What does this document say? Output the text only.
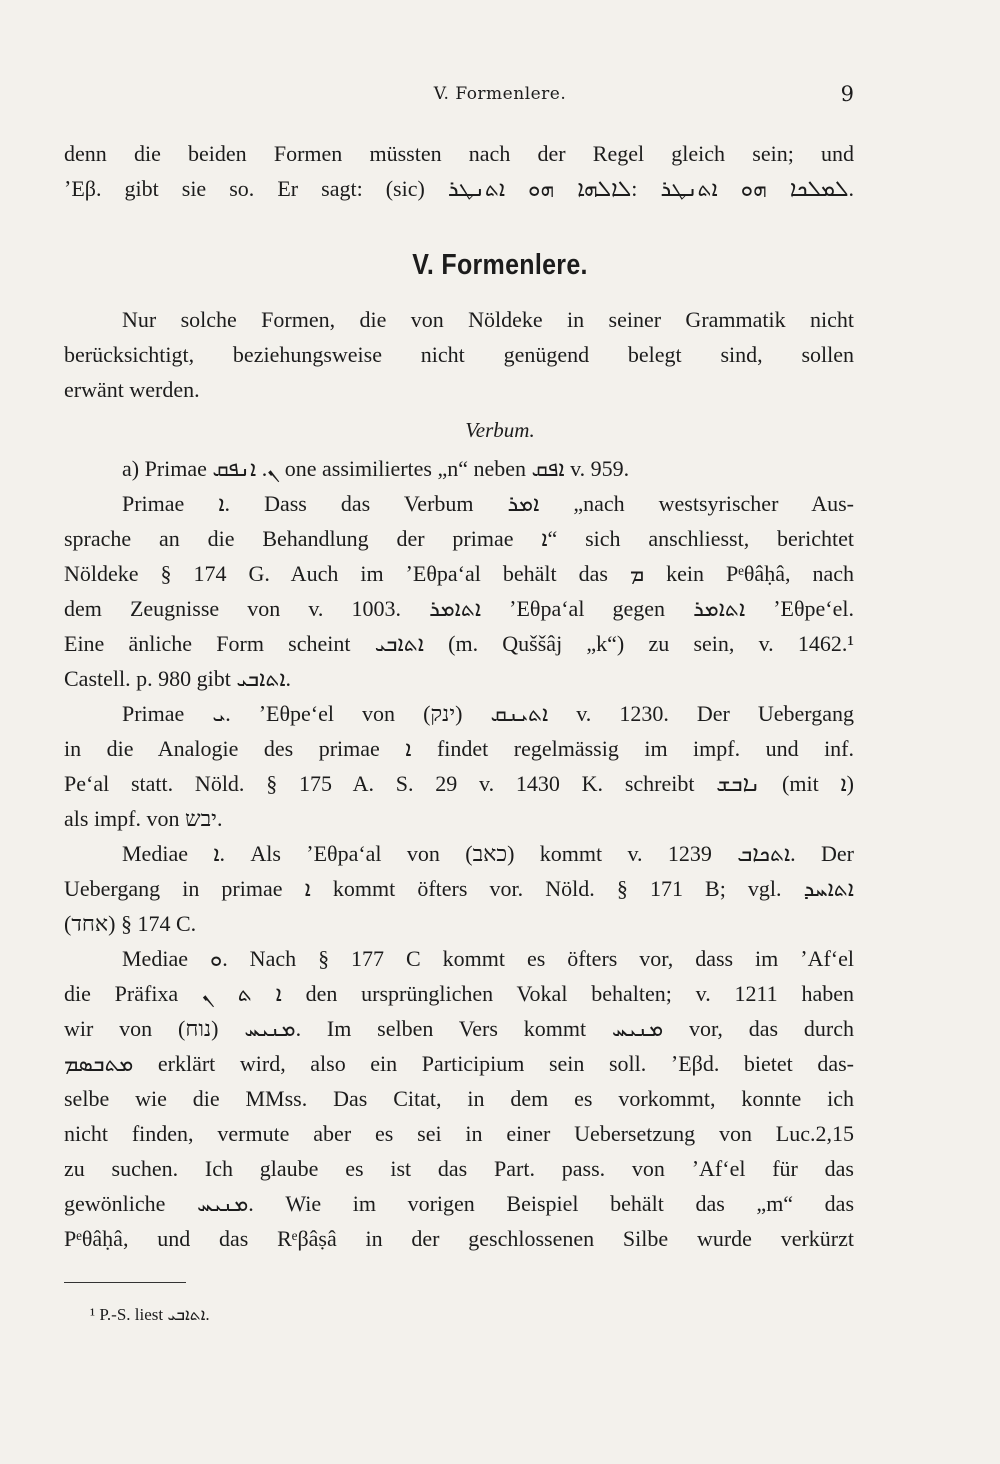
V. Formenlere.	9
denn die beiden Formen müssten nach der Regel gleich sein; und
ʼEβ. gibt sie so. Er sagt: (sic) ܠܡܠܟܐ ܗܘ ܐܬܢܛܪ :ܠܐܠܗܐ ܗܘ ܐܬܢܛܪ.
V. Formenlere.
Nur solche Formen, die von Nöldeke in seiner Grammatik nicht
berücksichtigt, beziehungsweise nicht genügend belegt sind, sollen
erwänt werden.
Verbum.
a) Primae ܢ. ܐܢܦܩ one assimiliertes „n“ neben ܐܦܩ v. 959.
Primae ܐ. Dass das Verbum ܐܡܪ „nach westsyrischer Aus-
sprache an die Behandlung der primae ܐ“ sich anschliesst, berichtet
Nöldeke § 174 G. Auch im ʼEθpaʻal behält das ܡ kein Pᵉθâḥâ, nach
dem Zeugnisse von v. 1003. ܐܬܐܡܪ ʼEθpaʻal gegen ܐܬܐܡܪ ʼEθpeʻel.
Eine änliche Form scheint ܐܬܐܒܝ (m. Quššâj „k“) zu sein, v. 1462.¹
Castell. p. 980 gibt ܐܬܐܒܝ.
Primae ܝ. ʼEθpeʻel von (ינק) ܐܬܝܢܩ v. 1230. Der Uebergang
in die Analogie des primae ܐ findet regelmässig im impf. und inf.
Peʻal statt. Nöld. § 175 A. S. 29 v. 1430 K. schreibt ܢܐܒܫ (mit ܐ)
als impf. von יבש.
Mediae ܐ. Als ʼEθpaʻal von (כאב) kommt v. 1239 ܐܬܟܐܒ. Der
Uebergang in primae ܐ kommt öfters vor. Nöld. § 171 B; vgl. ܐܬܐܚܕ
(אחד) § 174 C.
Mediae ܘ. Nach § 177 C kommt es öfters vor, dass im ʼAfʻel
die Präfixa ܐ ܬ ܢ den ursprünglichen Vokal behalten; v. 1211 haben
wir von (נוח) ܡܢܝܚ. Im selben Vers kommt ܡܢܝܚ vor, das durch
ܡܬܒܣܡ erklärt wird, also ein Participium sein soll. ʼEβd. bietet das-
selbe wie die MMss. Das Citat, in dem es vorkommt, konnte ich
nicht finden, vermute aber es sei in einer Uebersetzung von Luc.2,15
zu suchen. Ich glaube es ist das Part. pass. von ʼAfʻel für das
gewönliche ܡܢܝܚ. Wie im vorigen Beispiel behält das „m“ das
Pᵉθâḥâ, und das Rᵉβâṣâ in der geschlossenen Silbe wurde verkürzt
¹ P.-S. liest ܐܬܐܒܝ.
